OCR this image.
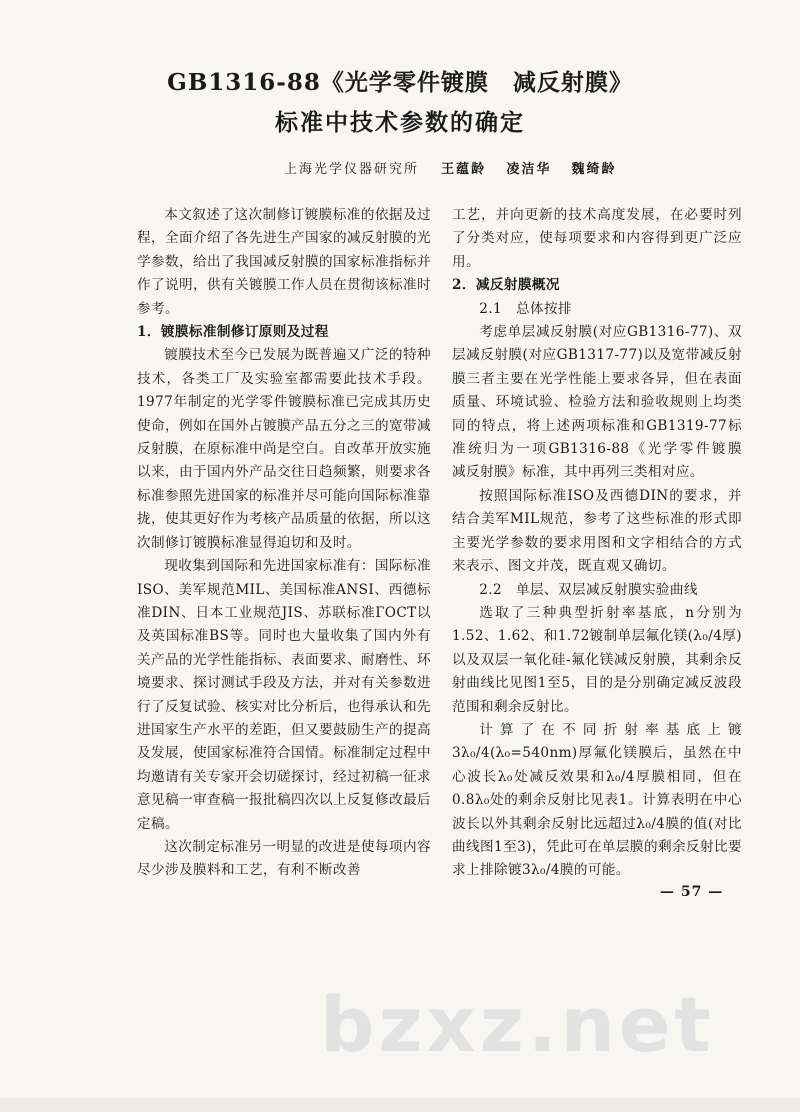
GB1316-88《光学零件镀膜　减反射膜》
标准中技术参数的确定
上海光学仪器研究所 王蕴龄 凌洁华 魏绮龄

本文叙述了这次制修订镀膜标准的依据及过程，全面介绍了各先进生产国家的减反射膜的光学参数，给出了我国减反射膜的国家标准指标并作了说明，供有关镀膜工作人员在贯彻该标准时参考。

1．镀膜标准制修订原则及过程

镀膜技术至今已发展为既普遍又广泛的特种技术，各类工厂及实验室都需要此技术手段。1977年制定的光学零件镀膜标准已完成其历史使命，例如在国外占镀膜产品五分之三的宽带减反射膜，在原标准中尚是空白。自改革开放实施以来，由于国内外产品交往日趋频繁，则要求各标准参照先进国家的标准并尽可能向国际标准靠拢，使其更好作为考核产品质量的依据，所以这次制修订镀膜标准显得迫切和及时。

现收集到国际和先进国家标准有：国际标准ISO、美军规范MIL、美国标准ANSI、西德标准DIN、日本工业规范JIS、苏联标准ГОСТ以及英国标准BS等。同时也大量收集了国内外有关产品的光学性能指标、表面要求、耐磨性、环境要求、探讨测试手段及方法，并对有关参数进行了反复试验、核实对比分析后，也得承认和先进国家生产水平的差距，但又要鼓励生产的提高及发展，使国家标准符合国情。标准制定过程中均邀请有关专家开会切磋探讨，经过初稿一征求意见稿一审查稿一报批稿四次以上反复修改最后定稿。

这次制定标准另一明显的改进是使每项内容尽少涉及膜料和工艺，有利不断改善

工艺，并向更新的技术高度发展，在必要时列了分类对应，使每项要求和内容得到更广泛应用。

2．减反射膜概况

2.1　总体按排

考虑单层减反射膜(对应GB1316-77)、双层减反射膜(对应GB1317-77)以及宽带减反射膜三者主要在光学性能上要求各异，但在表面质量、环境试验、检验方法和验收规则上均类同的特点，将上述两项标准和GB1319-77标准统归为一项GB1316-88《光学零件镀膜　减反射膜》标准，其中再列三类相对应。

按照国际标准ISO及西德DIN的要求，并结合美军MIL规范，参考了这些标准的形式即主要光学参数的要求用图和文字相结合的方式来表示、图文并茂，既直观又确切。

2.2　单层、双层减反射膜实验曲线

选取了三种典型折射率基底，n分别为1.52、1.62、和1.72镀制单层氟化镁(λ₀/4厚)以及双层一氧化硅-氟化镁减反射膜，其剩余反射曲线比见图1至5，目的是分别确定减反波段范围和剩余反射比。

计算了在不同折射率基底上镀3λ₀/4(λ₀=540nm)厚氟化镁膜后，虽然在中心波长λ₀处减反效果和λ₀/4厚膜相同，但在0.8λ₀处的剩余反射比见表1。计算表明在中心波长以外其剩余反射比远超过λ₀/4膜的值(对比曲线图1至3)，凭此可在单层膜的剩余反射比要求上排除镀3λ₀/4膜的可能。

— 57 —
bzxz.net
